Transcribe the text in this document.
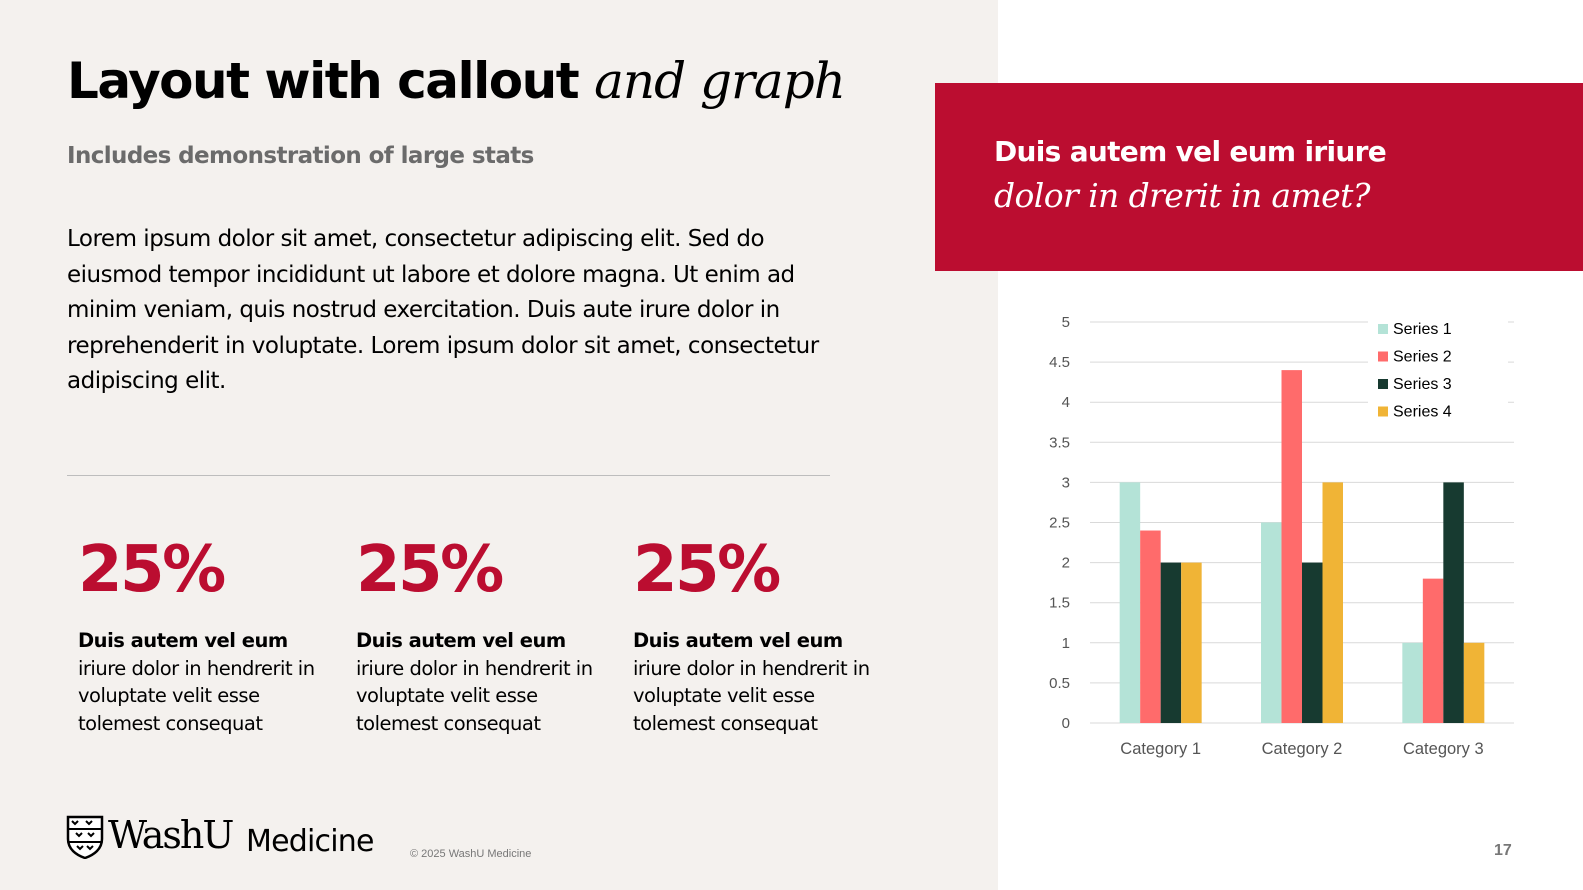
Layout with callout and graph
Includes demonstration of large stats

Lorem ipsum dolor sit amet, consectetur adipiscing elit. Sed do eiusmod tempor incididunt ut labore et dolore magna. Ut enim ad minim veniam, quis nostrud exercitation. Duis aute irure dolor in reprehenderit in voluptate. Lorem ipsum dolor sit amet, consectetur adipiscing elit.

25%
Duis autem vel eum
iriure dolor in hendrerit in voluptate velit esse tolemest consequat
25%
Duis autem vel eum
iriure dolor in hendrerit in voluptate velit esse tolemest consequat
25%
Duis autem vel eum
iriure dolor in hendrerit in voluptate velit esse tolemest consequat
Duis autem vel eum iriure
dolor in drerit in amet?
0
0.5
1
1.5
2
2.5
3
3.5
4
4.5
5
Category 1	Category 2	Category 3
Series 1
Series 2
Series 3
Series 4
WashU Medicine	© 2025 WashU Medicine	17
